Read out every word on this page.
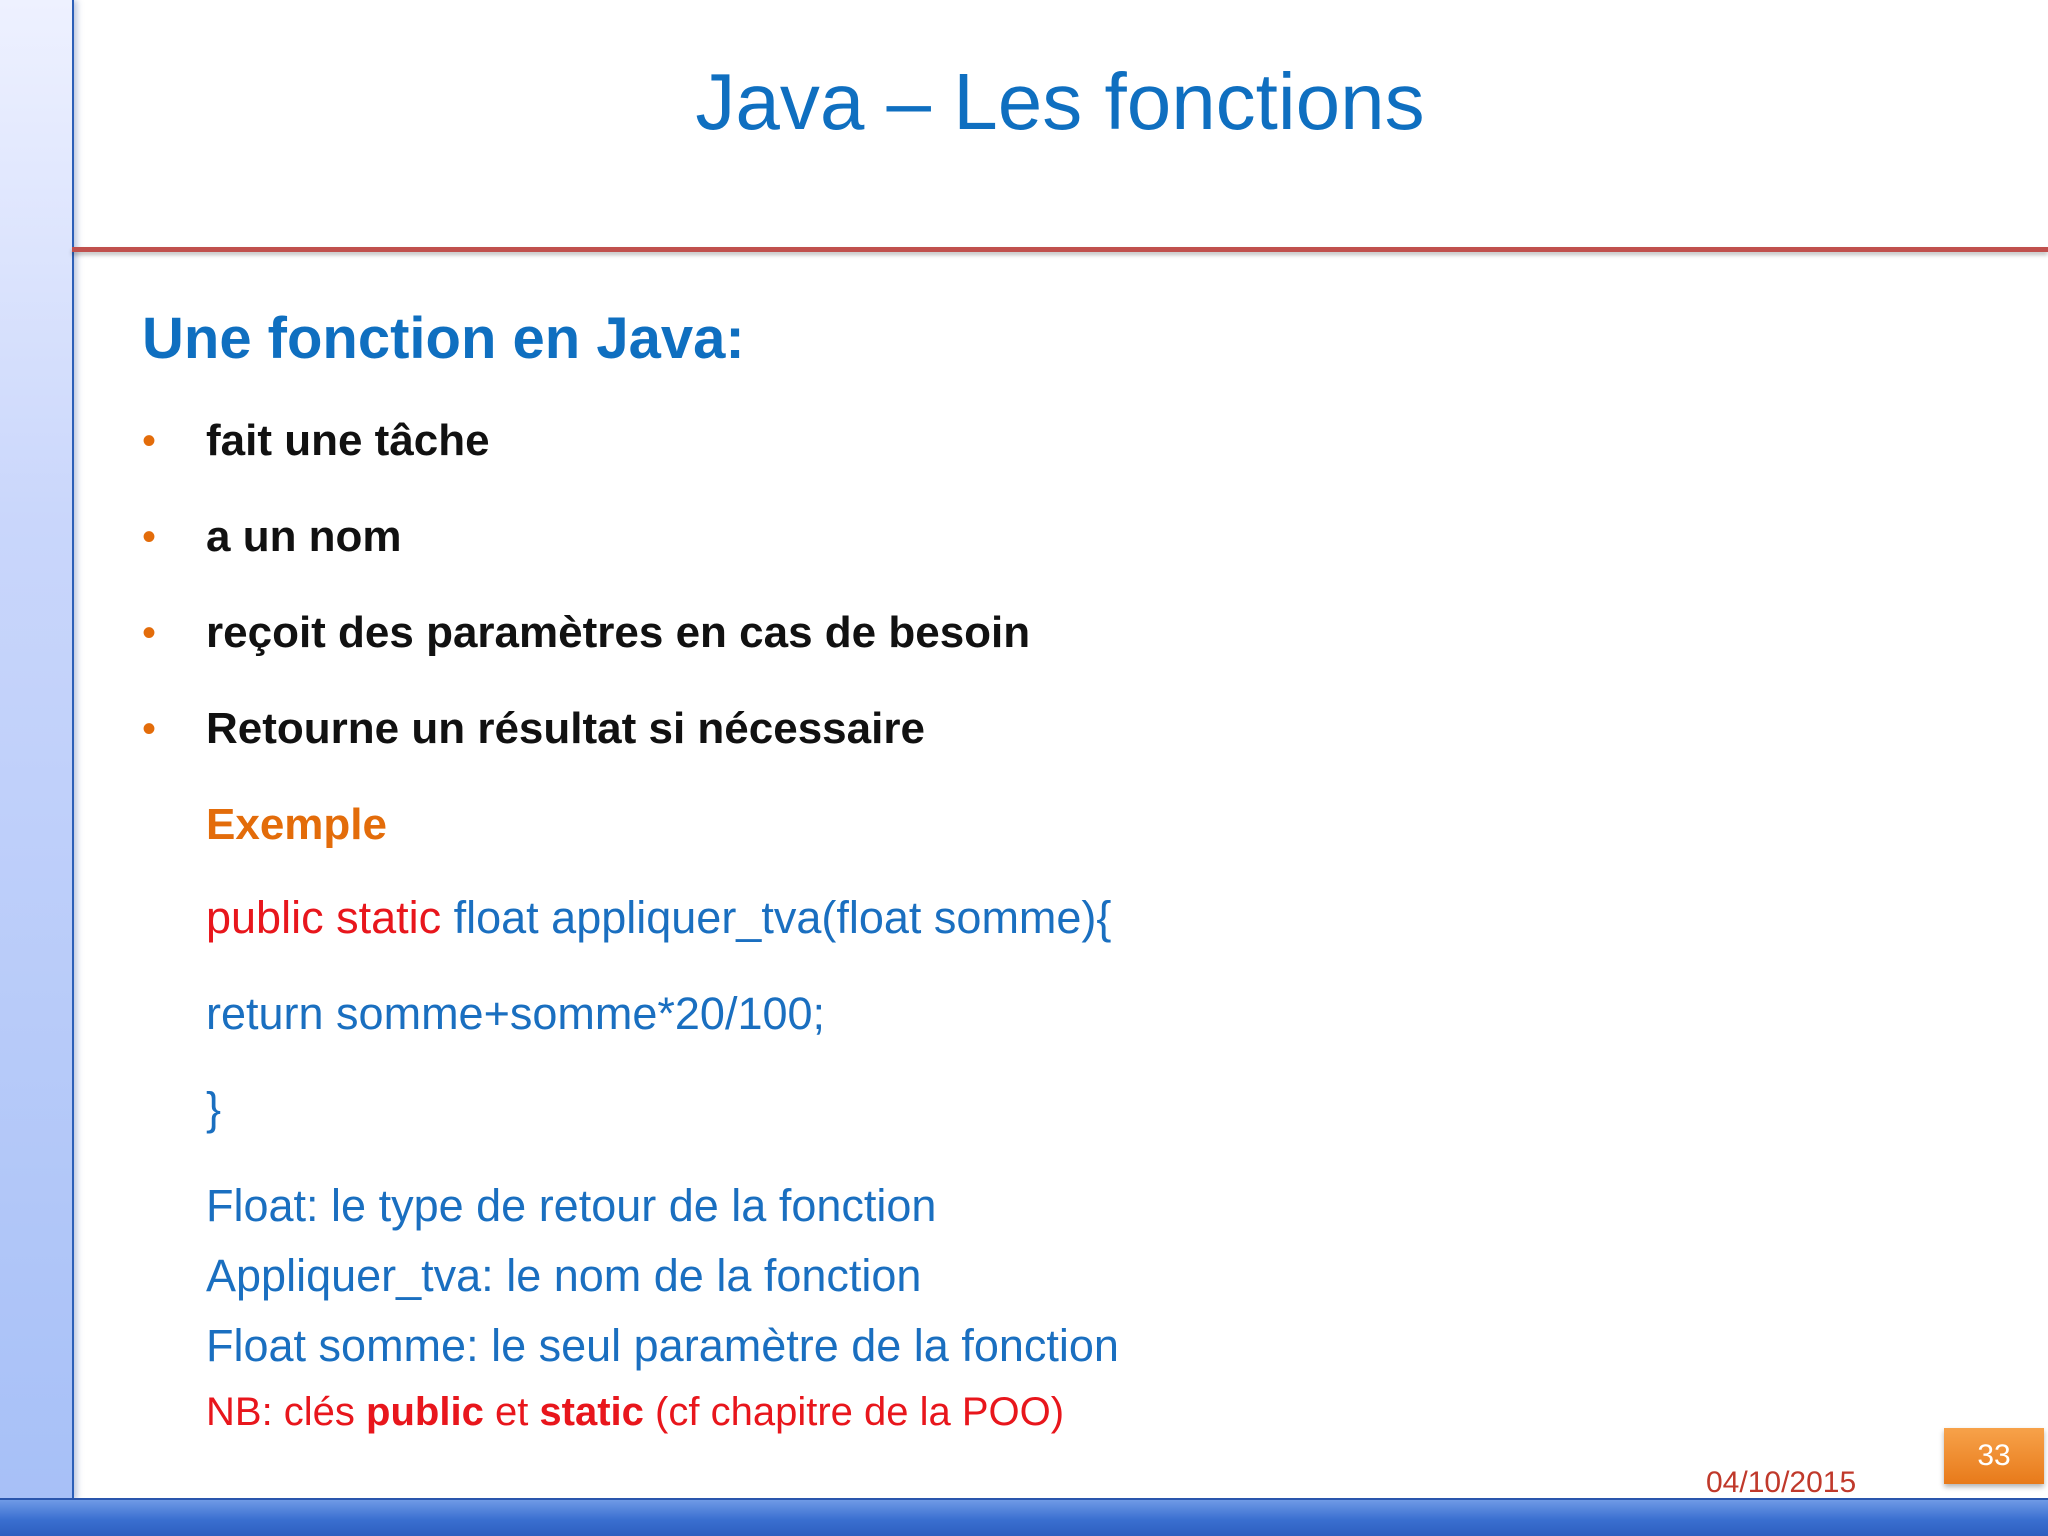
Java – Les fonctions
Une fonction en Java:
• fait une tâche
• a un nom
• reçoit des paramètres en cas de besoin
• Retourne un résultat si nécessaire
Exemple
public static float appliquer_tva(float somme){
return somme+somme*20/100;
}
Float: le type de retour de la fonction
Appliquer_tva: le nom de la fonction
Float somme: le seul paramètre de la fonction
NB: clés public et static (cf chapitre de la POO)
04/10/2015
33
